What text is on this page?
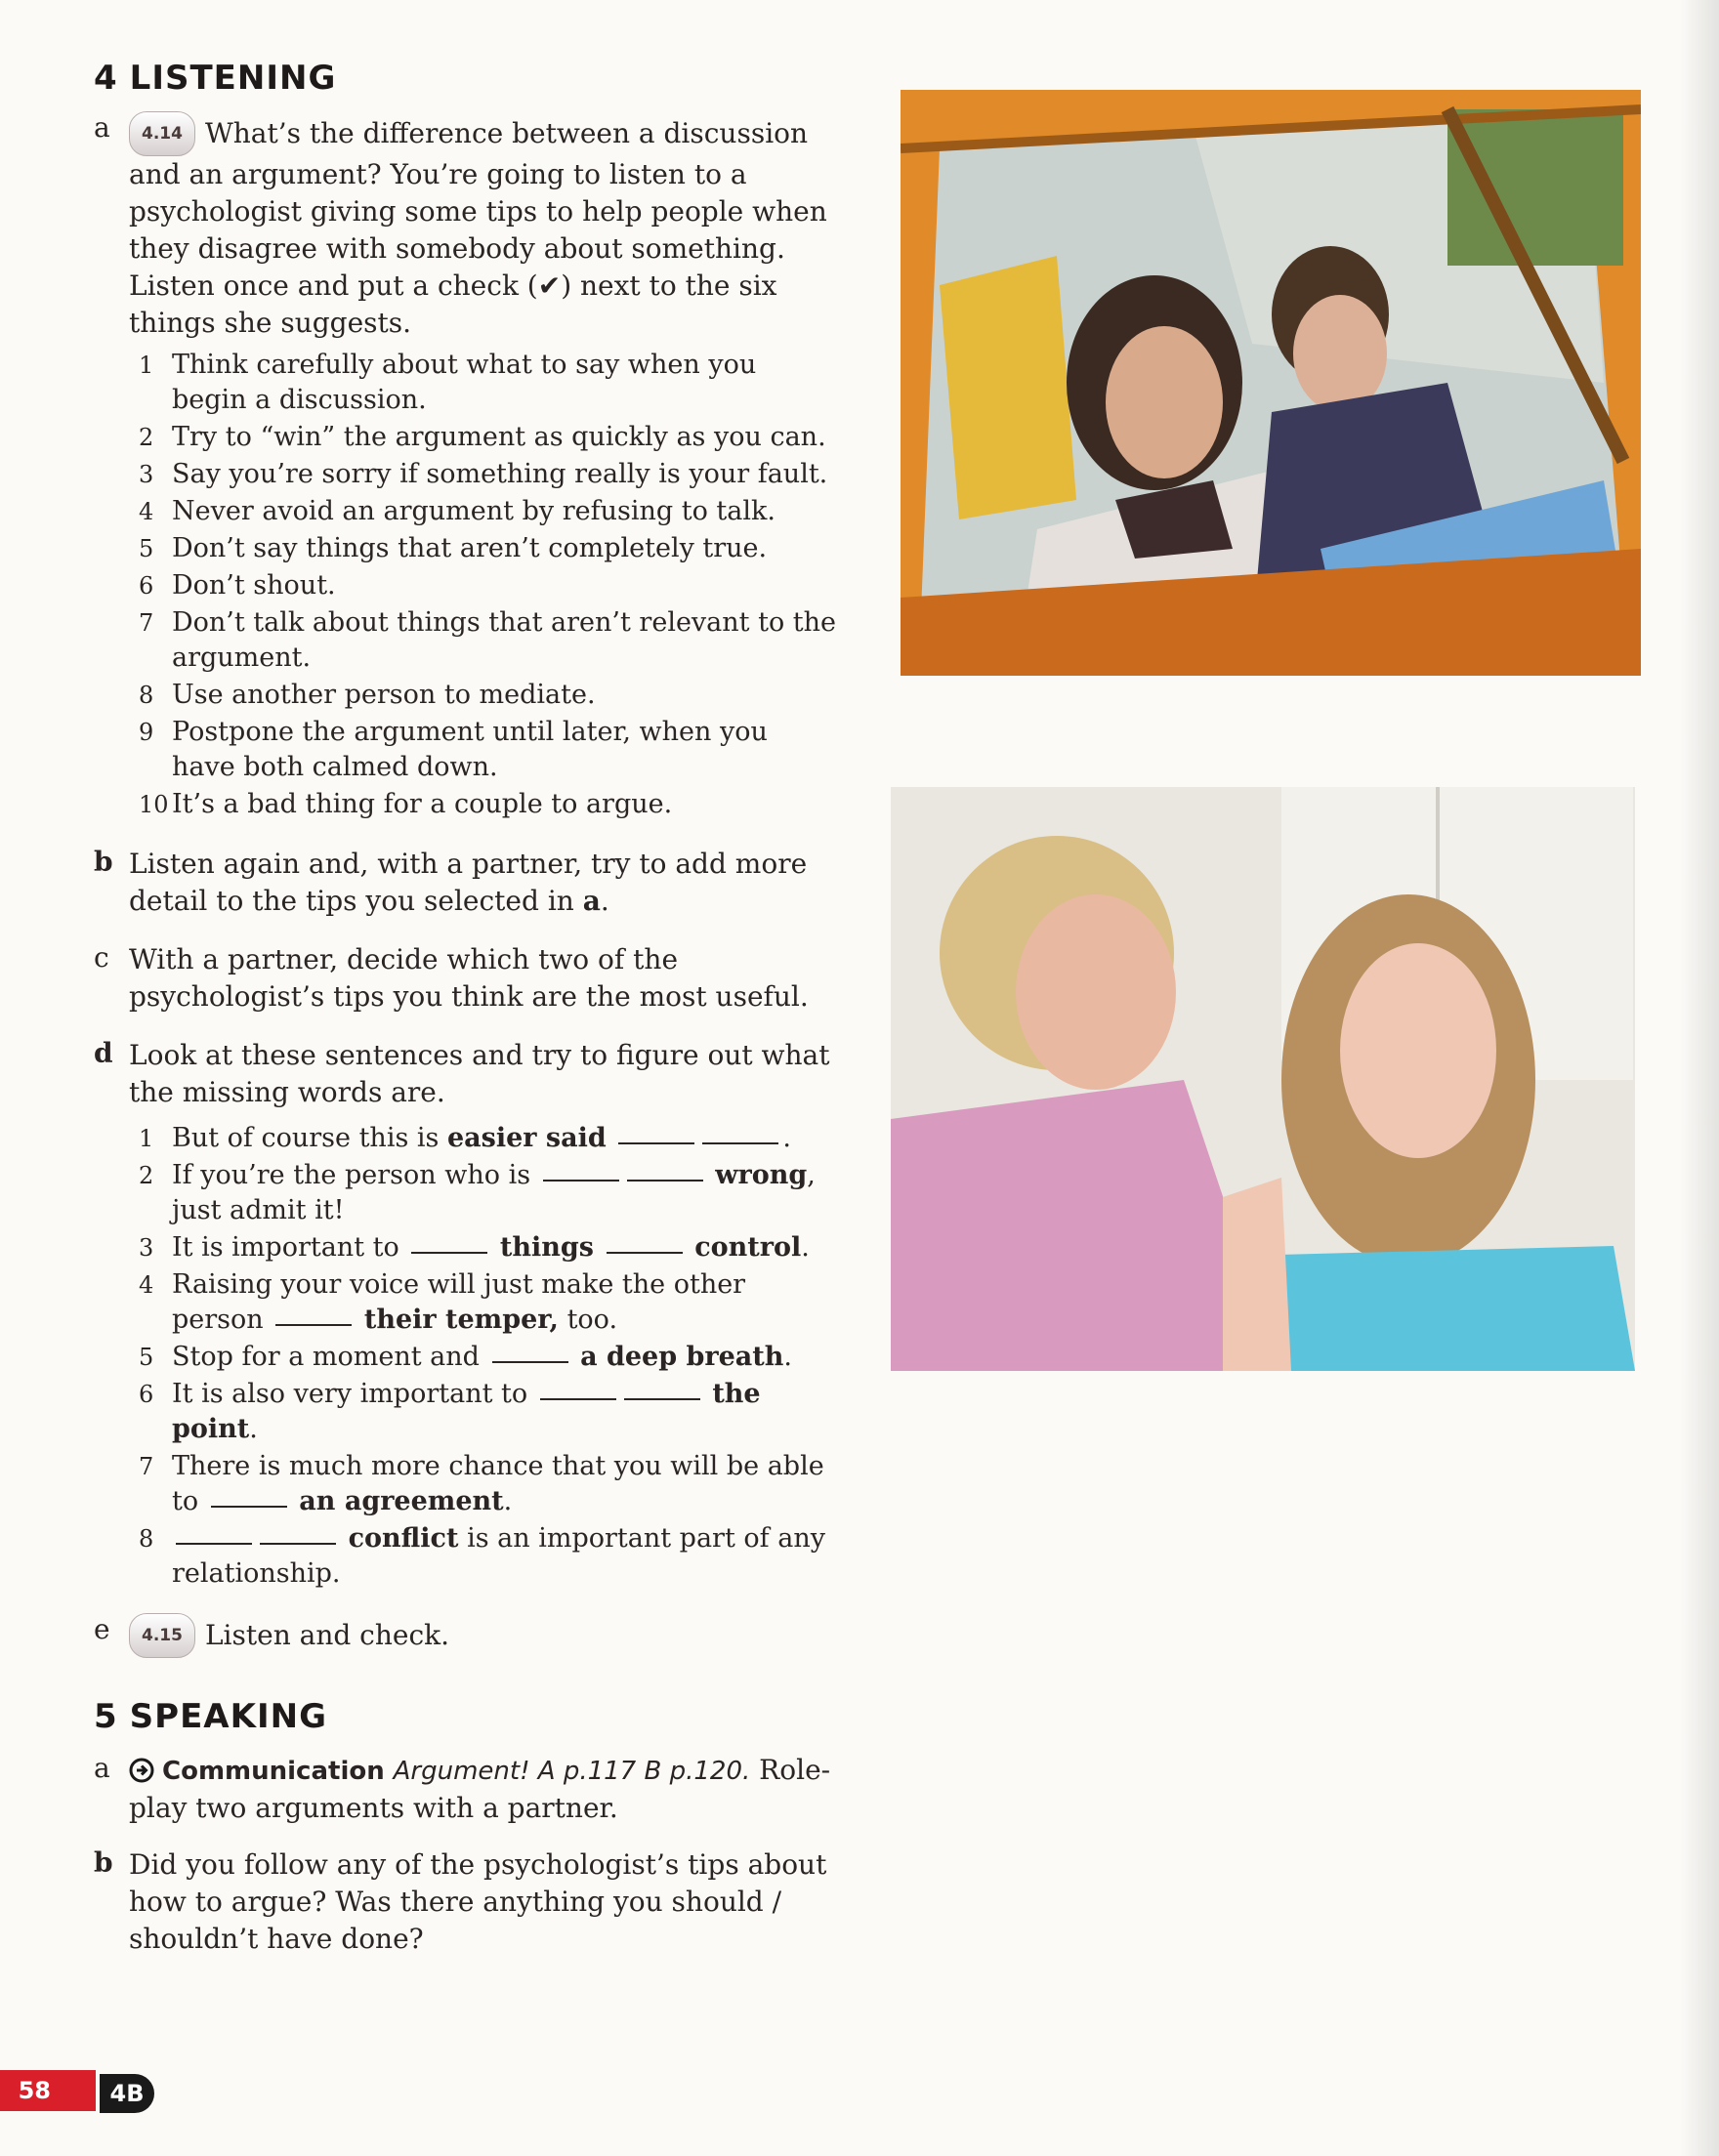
4 LISTENING
a	4.14 What’s the difference between a discussion and an argument? You’re going to listen to a psychologist giving some tips to help people when they disagree with somebody about something. Listen once and put a check (✔) next to the six things she suggests.
1 Think carefully about what to say when you begin a discussion.
2 Try to “win” the argument as quickly as you can.
3 Say you’re sorry if something really is your fault.
4 Never avoid an argument by refusing to talk.
5 Don’t say things that aren’t completely true.
6 Don’t shout.
7 Don’t talk about things that aren’t relevant to the argument.
8 Use another person to mediate.
9 Postpone the argument until later, when you have both calmed down.
10 It’s a bad thing for a couple to argue.
b Listen again and, with a partner, try to add more detail to the tips you selected in a.
c With a partner, decide which two of the psychologist’s tips you think are the most useful.
d Look at these sentences and try to figure out what the missing words are.
1 But of course this is easier said	.
2 If you’re the person who is	wrong, just admit it!
3 It is important to	things	control.
4 Raising your voice will just make the other person	their temper, too.
5 Stop for a moment and	a deep breath.
6 It is also very important to	the point.
7 There is much more chance that you will be able to	an agreement.
8	conflict is an important part of any relationship.
e	4.15 Listen and check.
5 SPEAKING
a	Communication Argument! A p.117 B p.120. Role-play two arguments with a partner.
b Did you follow any of the psychologist’s tips about how to argue? Was there anything you should / shouldn’t have done?
58	4B
